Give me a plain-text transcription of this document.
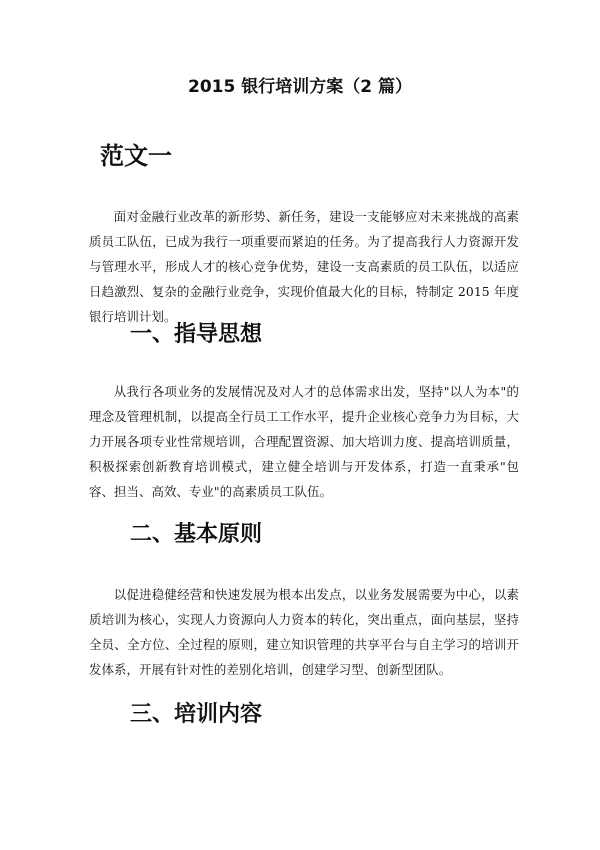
2015 银行培训方案（2 篇）
范文一

面对金融行业改革的新形势、新任务，建设一支能够应对未来挑战的高素质员工队伍，已成为我行一项重要而紧迫的任务。为了提高我行人力资源开发与管理水平，形成人才的核心竞争优势，建设一支高素质的员工队伍，以适应日趋激烈、复杂的金融行业竞争，实现价值最大化的目标，特制定 2015 年度银行培训计划。

一、指导思想

从我行各项业务的发展情况及对人才的总体需求出发，坚持"以人为本"的理念及管理机制，以提高全行员工工作水平，提升企业核心竞争力为目标，大力开展各项专业性常规培训，合理配置资源、加大培训力度、提高培训质量，积极探索创新教育培训模式，建立健全培训与开发体系，打造一直秉承"包容、担当、高效、专业"的高素质员工队伍。

二、基本原则

以促进稳健经营和快速发展为根本出发点，以业务发展需要为中心，以素质培训为核心，实现人力资源向人力资本的转化，突出重点，面向基层，坚持全员、全方位、全过程的原则，建立知识管理的共享平台与自主学习的培训开发体系，开展有针对性的差别化培训，创建学习型、创新型团队。

三、培训内容
